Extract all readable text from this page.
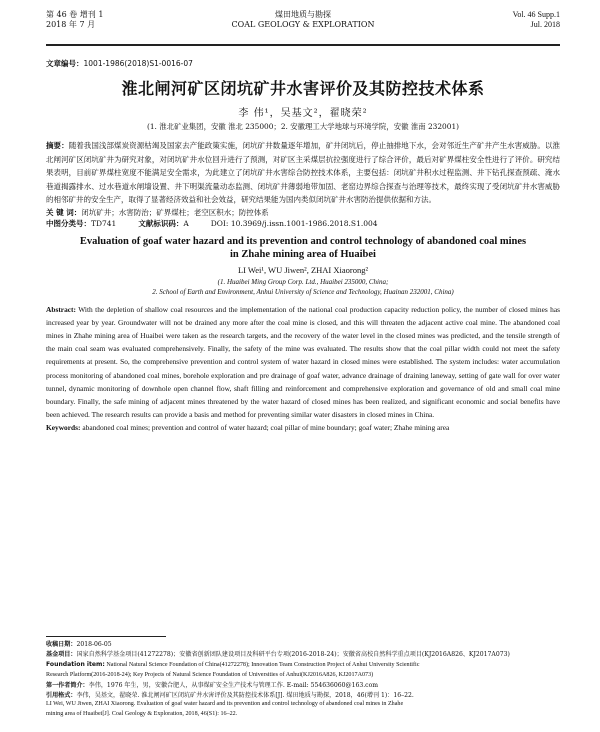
第 46 卷 增刊 1
2018 年 7 月
煤田地质与勘探
COAL GEOLOGY & EXPLORATION
Vol. 46 Supp.1
Jul. 2018
文章编号：1001-1986(2018)S1-0016-07
淮北闸河矿区闭坑矿井水害评价及其防控技术体系
李 伟¹，吴基文²，翟晓荣²
(1. 淮北矿业集团，安徽 淮北 235000；2. 安徽理工大学地球与环境学院，安徽 淮南 232001)
摘要：随着我国浅部煤炭资源枯竭及国家去产能政策实施，闭坑矿井数量逐年增加，矿井闭坑后，停止抽排地下水，会对邻近生产矿井产生水害威胁。以淮北闸河矿区闭坑矿井为研究对象，对闭坑矿井水位回升进行了预测，对矿区主采煤层抗拉强度进行了综合评价，最后对矿界煤柱安全性进行了评价。研究结果表明，目前矿界煤柱宽度不能满足安全需求，为此建立了闭坑矿井水害综合防控技术体系，主要包括：闭坑矿井积水过程监测、井下钻孔探查预疏、淹水巷道揭露排水、过水巷道水闸墙设置、井下明渠流量动态监测、闭坑矿井薄弱地带加固、老窑边界综合探查与治理等技术，最终实现了受闭坑矿井水害威胁的相邻矿井的安全生产，取得了显著经济效益和社会效益，研究结果能为国内类似闭坑矿井水害防治提供依据和方法。
关 键 词：闭坑矿井；水害防治；矿界煤柱；老空区积水；防控体系
中图分类号：TD741	文献标识码：A	DOI: 10.3969/j.issn.1001-1986.2018.S1.004
Evaluation of goaf water hazard and its prevention and control technology of abandoned coal mines in Zhahe mining area of Huaibei
LI Wei¹, WU Jiwen², ZHAI Xiaorong²
(1. Huaibei Ming Group Corp. Ltd., Huaibei 235000, China;
2. School of Earth and Environment, Anhui University of Science and Technology, Huainan 232001, China)
Abstract: With the depletion of shallow coal resources and the implementation of the national coal production capacity reduction policy, the number of closed mines has increased year by year. Groundwater will not be drained any more after the coal mine is closed, and this will threaten the adjacent active coal mine. The abandoned coal mines in Zhahe mining area of Huaibei were taken as the research targets, and the recovery of the water level in the closed mines was predicted, and the tensile strength of the main coal seam was evaluated comprehensively. Finally, the safety of the mine was evaluated. The results show that the coal pillar width could not meet the safety requirements at present. So, the comprehensive prevention and control system of water hazard in closed mines were established. The system includes: water accumulation process monitoring of abandoned coal mines, borehole exploration and pre drainage of goaf water, advance drainage of draining laneway, setting of gate wall for over water tunnel, dynamic monitoring of downhole open channel flow, shaft filling and reinforcement and comprehensive exploration and governance of old and small coal mine boundary. Finally, the safe mining of adjacent mines threatened by the water hazard of closed mines has been realized, and significant economic and social benefits have been achieved. The research results can provide a basis and method for preventing similar water disasters in closed mines in China.
Keywords: abandoned coal mines; prevention and control of water hazard; coal pillar of mine boundary; goaf water; Zhahe mining area
收稿日期：2018-06-05
基金项目：国家自然科学基金项目(41272278)；安徽省创新团队建设项目及科研平台专项(2016-2018-24)；安徽省高校自然科学重点项目(KJ2016A826、KJ2017A073)
Foundation item: National Natural Science Foundation of China(41272278); Innovation Team Construction Project of Anhui University Scientific
Research Platform(2016-2018-24); Key Projects of Natural Science Foundation of Universities of Anhui(KJ2016A826, KJ2017A073)
第一作者简介：李伟，1976 年生，男，安徽合肥人，从事煤矿安全生产技术与管理工作. E-mail: 554636060@163.com
引用格式：李伟，吴基文，翟晓荣. 淮北闸河矿区闭坑矿井水害评价及其防控技术体系[J]. 煤田地质与勘探，2018，46(增刊 1)：16–22.
LI Wei, WU Jiwen, ZHAI Xiaorong. Evaluation of goaf water hazard and its prevention and control technology of abandoned coal mines in Zhahe
mining area of Huaibei[J]. Coal Geology & Exploration, 2018, 46(S1): 16–22.
